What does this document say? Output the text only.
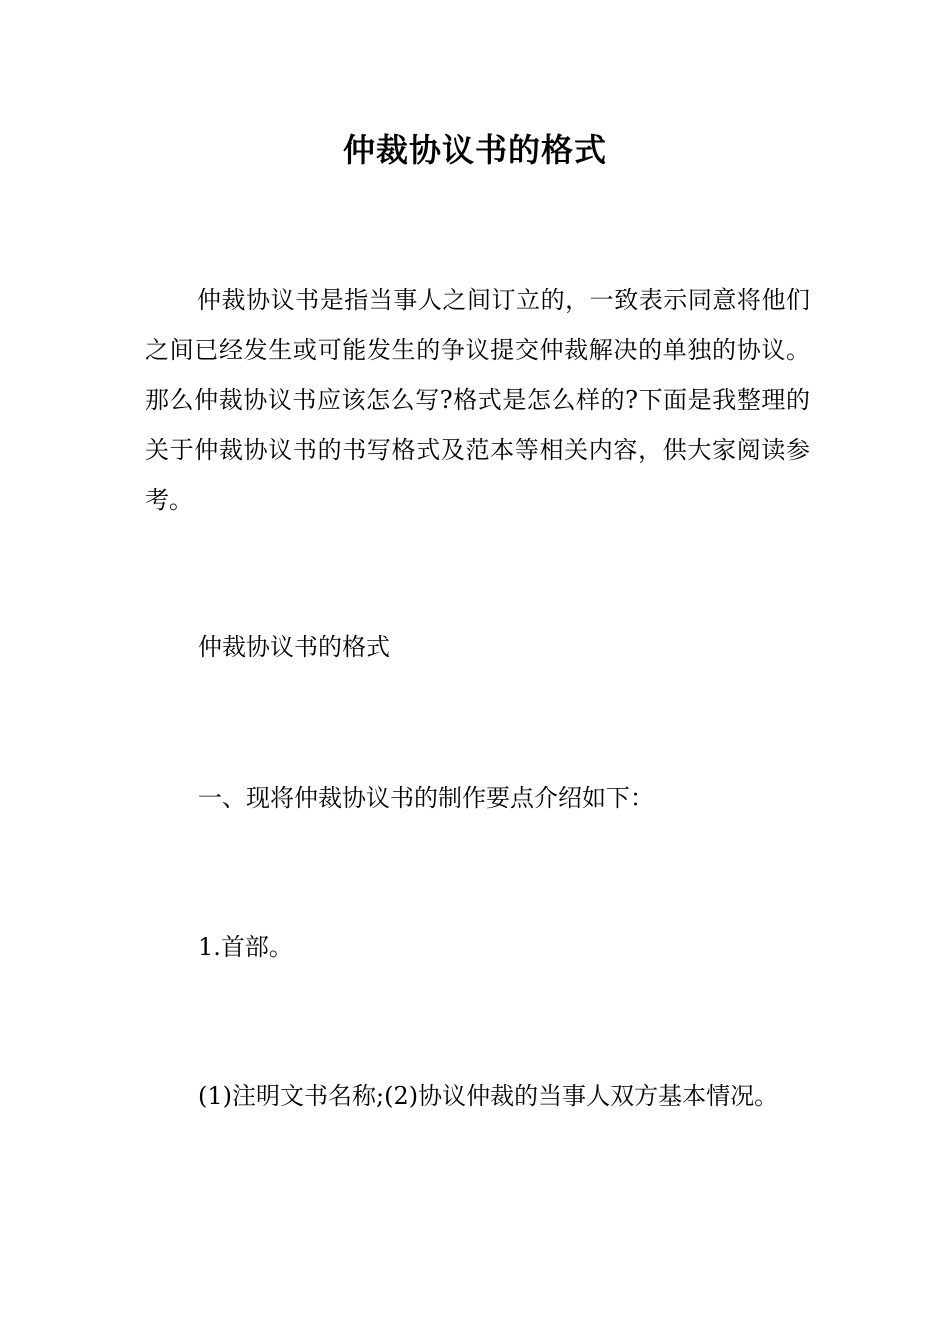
仲裁协议书的格式

仲裁协议书是指当事人之间订立的，一致表示同意将他们之间已经发生或可能发生的争议提交仲裁解决的单独的协议。那么仲裁协议书应该怎么写?格式是怎么样的?下面是我整理的关于仲裁协议书的书写格式及范本等相关内容，供大家阅读参考。

仲裁协议书的格式

一、现将仲裁协议书的制作要点介绍如下：

1.首部。

(1)注明文书名称;(2)协议仲裁的当事人双方基本情况。
